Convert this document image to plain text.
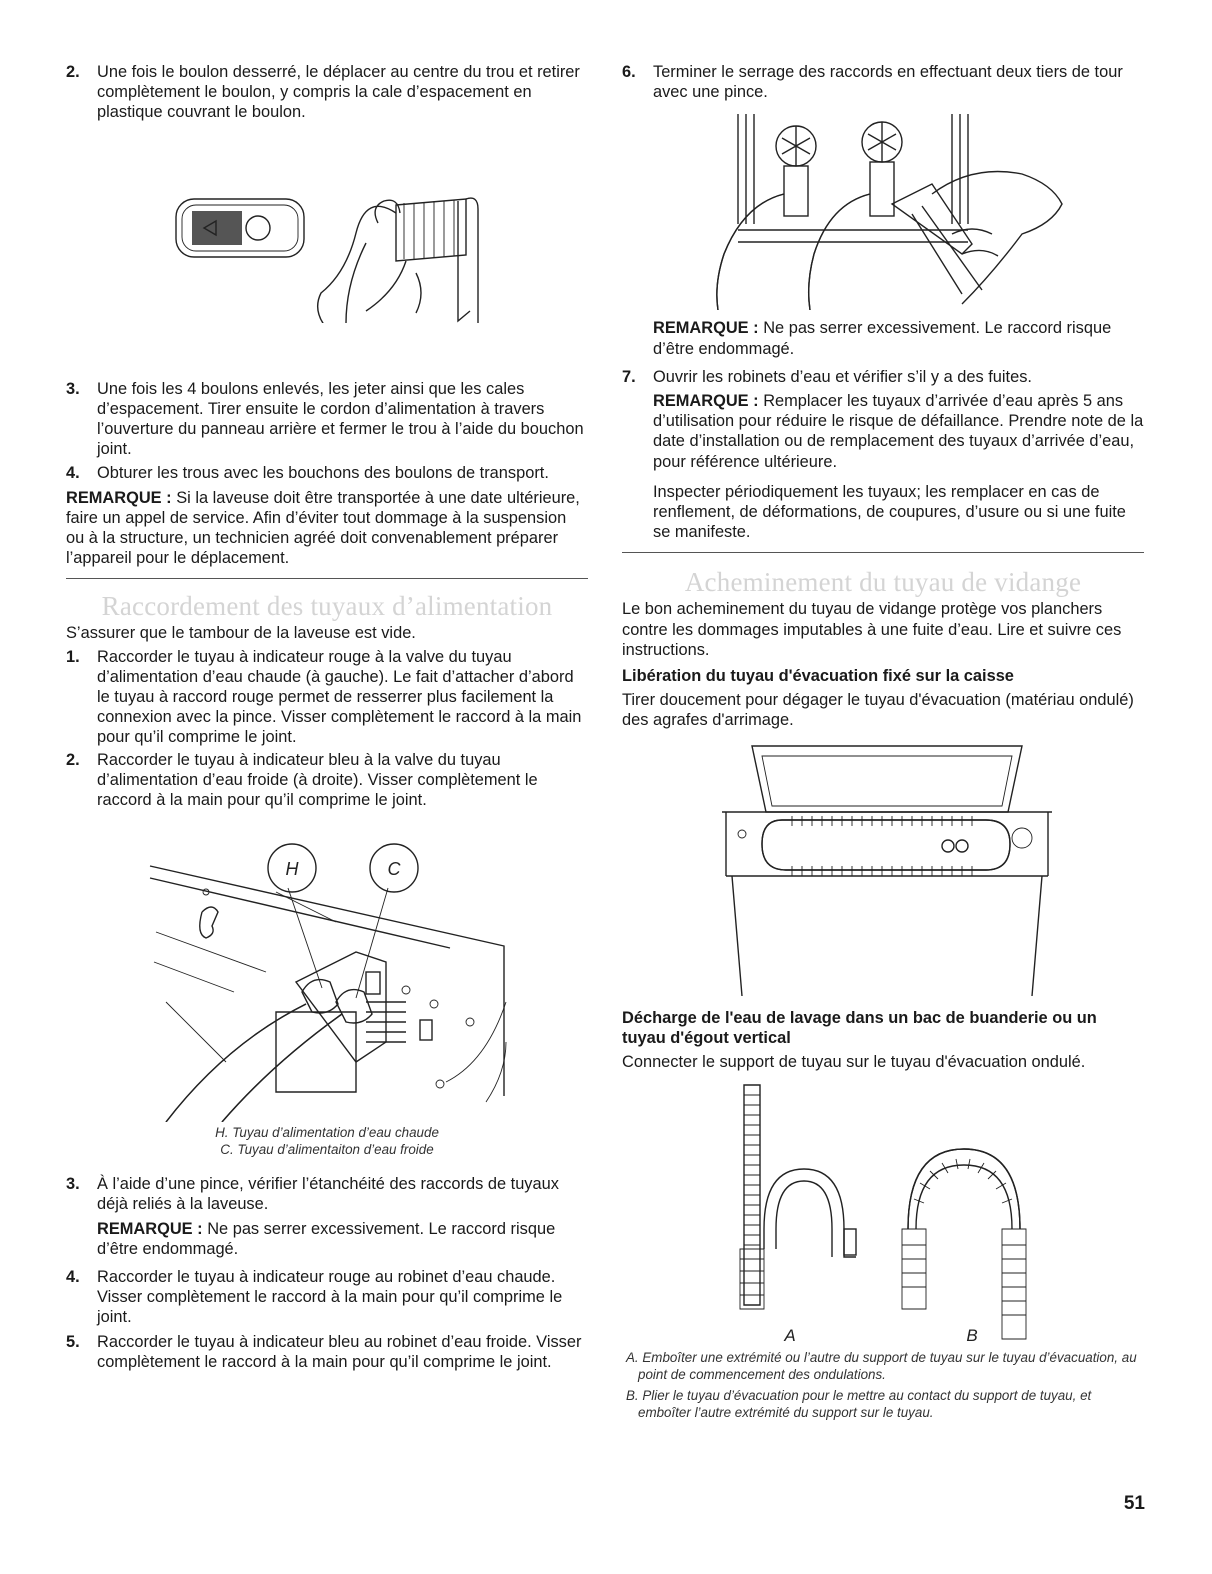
2.	Une fois le boulon desserré, le déplacer au centre du trou et retirer complètement le boulon, y compris la cale d’espacement en plastique couvrant le boulon.
3.	Une fois les 4 boulons enlevés, les jeter ainsi que les cales d’espacement. Tirer ensuite le cordon d’alimentation à travers l’ouverture du panneau arrière et fermer le trou à l’aide du bouchon joint.
4.	Obturer les trous avec les bouchons des boulons de transport.

REMARQUE : Si la laveuse doit être transportée à une date ultérieure, faire un appel de service. Afin d’éviter tout dommage à la suspension ou à la structure, un technicien agréé doit convenablement préparer l’appareil pour le déplacement.

Raccordement des tuyaux d’alimentation

S’assurer que le tambour de la laveuse est vide.

1.	Raccorder le tuyau à indicateur rouge à la valve du tuyau d’alimentation d’eau chaude (à gauche). Le fait d’attacher d’abord le tuyau à raccord rouge permet de resserrer plus facilement la connexion avec la pince. Visser complètement le raccord à la main pour qu’il comprime le joint.
2.	Raccorder le tuyau à indicateur bleu à la valve du tuyau d’alimentation d’eau froide (à droite). Visser complètement le raccord à la main pour qu’il comprime le joint.
H	C

H. Tuyau d’alimentation d’eau chaude

C. Tuyau d’alimentaiton d’eau froide

3.	À l’aide d’une pince, vérifier l’étanchéité des raccords de tuyaux déjà reliés à la laveuse.

REMARQUE : Ne pas serrer excessivement. Le raccord risque d’être endommagé.

4.	Raccorder le tuyau à indicateur rouge au robinet d’eau chaude. Visser complètement le raccord à la main pour qu’il comprime le joint.
5.	Raccorder le tuyau à indicateur bleu au robinet d’eau froide. Visser complètement le raccord à la main pour qu’il comprime le joint.
6.	Terminer le serrage des raccords en effectuant deux tiers de tour avec une pince.

REMARQUE : Ne pas serrer excessivement. Le raccord risque d’être endommagé.

7.	Ouvrir les robinets d’eau et vérifier s’il y a des fuites.

REMARQUE : Remplacer les tuyaux d’arrivée d’eau après 5 ans d’utilisation pour réduire le risque de défaillance. Prendre note de la date d’installation ou de remplacement des tuyaux d’arrivée d’eau, pour référence ultérieure.

Inspecter périodiquement les tuyaux; les remplacer en cas de renflement, de déformations, de coupures, d’usure ou si une fuite se manifeste.

Acheminement du tuyau de vidange

Le bon acheminement du tuyau de vidange protège vos planchers contre les dommages imputables à une fuite d’eau. Lire et suivre ces instructions.

Libération du tuyau d'évacuation fixé sur la caisse

Tirer doucement pour dégager le tuyau d'évacuation (matériau ondulé) des agrafes d'arrimage.

Décharge de l'eau de lavage dans un bac de buanderie ou un tuyau d'égout vertical

Connecter le support de tuyau sur le tuyau d'évacuation ondulé.

A	B

A. Emboîter une extrémité ou l’autre du support de tuyau sur le tuyau d’évacuation, au point de commencement des ondulations.

B. Plier le tuyau d’évacuation pour le mettre au contact du support de tuyau, et emboîter l’autre extrémité du support sur le tuyau.

51
